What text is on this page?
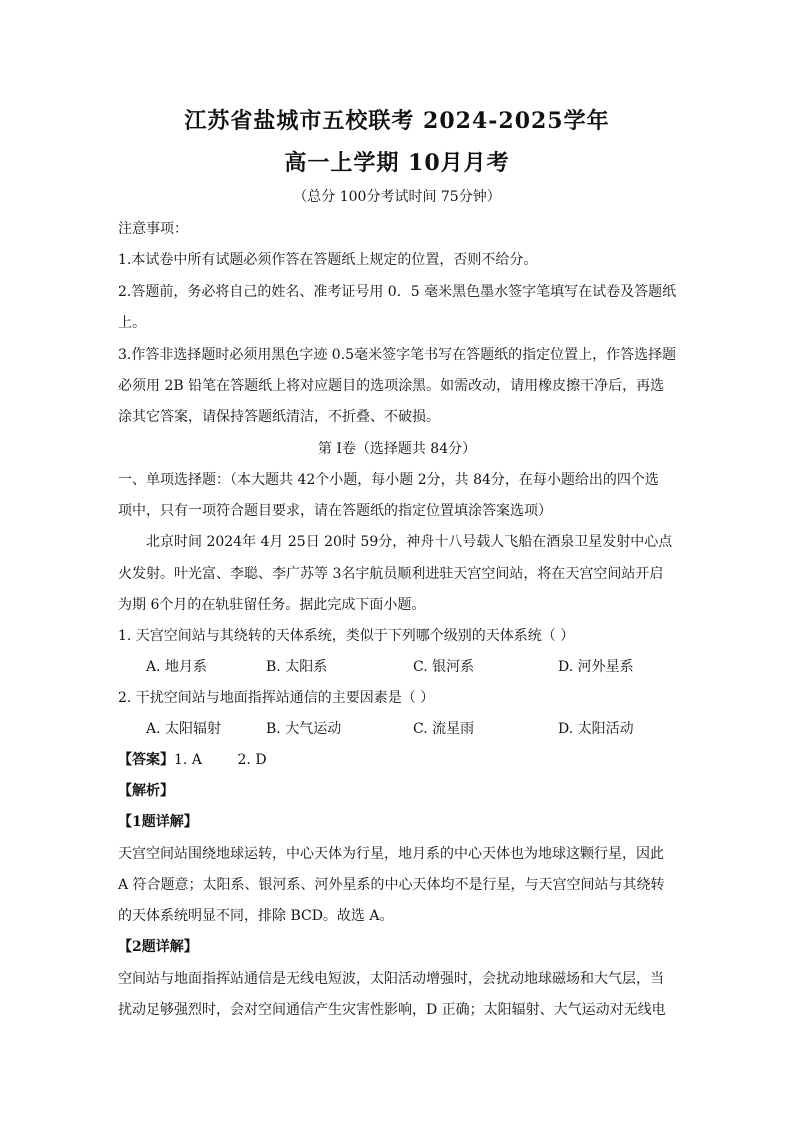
江苏省盐城市五校联考 2024-2025学年
高一上学期 10月月考
（总分 100分考试时间 75分钟）
注意事项：
1.本试卷中所有试题必须作答在答题纸上规定的位置，否则不给分。
2.答题前，务必将自己的姓名、准考证号用 0．5 毫米黑色墨水签字笔填写在试卷及答题纸
上。
3.作答非选择题时必须用黑色字迹 0.5毫米签字笔书写在答题纸的指定位置上，作答选择题
必须用 2B 铅笔在答题纸上将对应题目的选项涂黑。如需改动，请用橡皮擦干净后，再选
涂其它答案，请保持答题纸清洁，不折叠、不破损。
第 I卷（选择题共 84分）
一、单项选择题：（本大题共 42个小题，每小题 2分，共 84分，在每小题给出的四个选
项中，只有一项符合题目要求，请在答题纸的指定位置填涂答案选项）
北京时间 2024年 4月 25日 20时 59分，神舟十八号载人飞船在酒泉卫星发射中心点
火发射。叶光富、李聪、李广苏等 3名宇航员顺利进驻天宫空间站，将在天宫空间站开启
为期 6个月的在轨驻留任务。据此完成下面小题。
1. 天宫空间站与其绕转的天体系统，类似于下列哪个级别的天体系统（ ）
A. 地月系	B. 太阳系	C. 银河系	D. 河外星系
2. 干扰空间站与地面指挥站通信的主要因素是（ ）
A. 太阳辐射	B. 大气运动	C. 流星雨	D. 太阳活动
【答案】1. A        2. D
【解析】
【1题详解】
天宫空间站围绕地球运转，中心天体为行星，地月系的中心天体也为地球这颗行星，因此
A 符合题意；太阳系、银河系、河外星系的中心天体均不是行星，与天宫空间站与其绕转
的天体系统明显不同，排除 BCD。故选 A。
【2题详解】
空间站与地面指挥站通信是无线电短波，太阳活动增强时，会扰动地球磁场和大气层，当
扰动足够强烈时，会对空间通信产生灾害性影响，D 正确；太阳辐射、大气运动对无线电
